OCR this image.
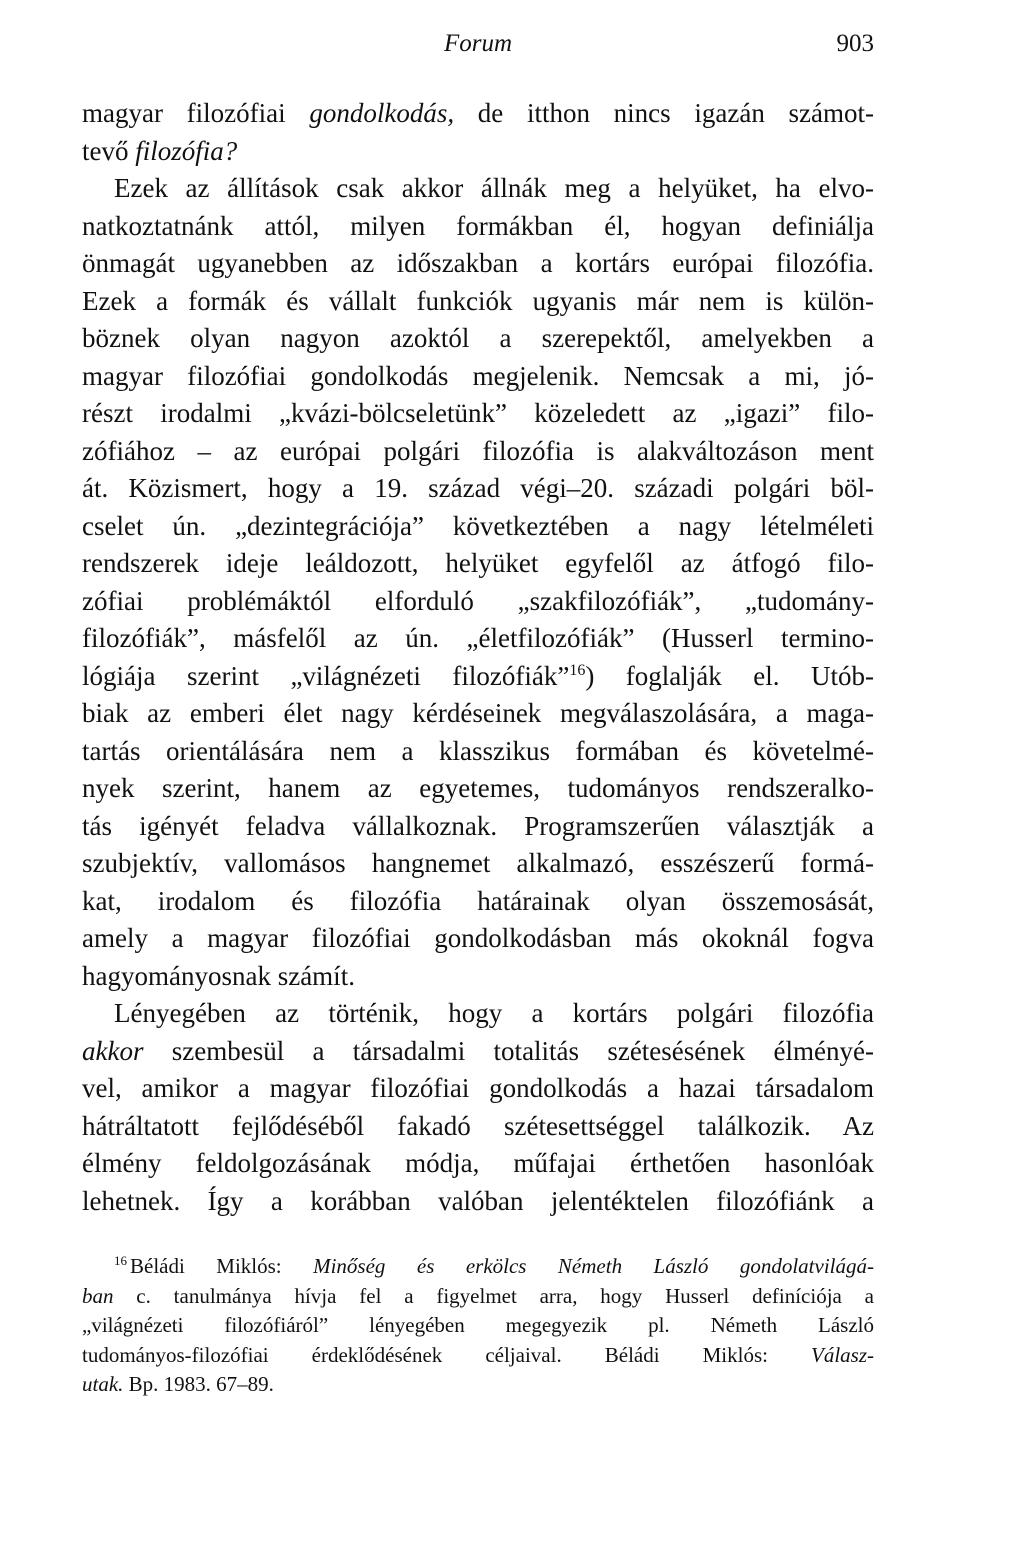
Forum	903
magyar filozófiai gondolkodás, de itthon nincs igazán számot-
tevő filozófia?
Ezek az állítások csak akkor állnák meg a helyüket, ha elvo-
natkoztatnánk attól, milyen formákban él, hogyan definiálja
önmagát ugyanebben az időszakban a kortárs európai filozófia.
Ezek a formák és vállalt funkciók ugyanis már nem is külön-
böznek olyan nagyon azoktól a szerepektől, amelyekben a
magyar filozófiai gondolkodás megjelenik. Nemcsak a mi, jó-
részt irodalmi „kvázi-bölcseletünk” közeledett az „igazi” filo-
zófiához – az európai polgári filozófia is alakváltozáson ment
át. Közismert, hogy a 19. század végi–20. századi polgári böl-
cselet ún. „dezintegrációja” következtében a nagy lételméleti
rendszerek ideje leáldozott, helyüket egyfelől az átfogó filo-
zófiai problémáktól elforduló „szakfilozófiák”, „tudomány-
filozófiák”, másfelől az ún. „életfilozófiák” (Husserl termino-
lógiája szerint „világnézeti filozófiák”$^{16}$) foglalják el. Utób-
biak az emberi élet nagy kérdéseinek megválaszolására, a maga-
tartás orientálására nem a klasszikus formában és követelmé-
nyek szerint, hanem az egyetemes, tudományos rendszeralko-
tás igényét feladva vállalkoznak. Programszerűen választják a
szubjektív, vallomásos hangnemet alkalmazó, esszészerű formá-
kat, irodalom és filozófia határainak olyan összemosását,
amely a magyar filozófiai gondolkodásban más okoknál fogva
hagyományosnak számít.
Lényegében az történik, hogy a kortárs polgári filozófia
akkor szembesül a társadalmi totalitás szétesésének élményé-
vel, amikor a magyar filozófiai gondolkodás a hazai társadalom
hátráltatott fejlődéséből fakadó szétesettséggel találkozik. Az
élmény feldolgozásának módja, műfajai érthetően hasonlóak
lehetnek. Így a korábban valóban jelentéktelen filozófiánk a
$^{16}$ Béládi Miklós: Minőség és erkölcs Németh László gondolatvilágá-
ban c. tanulmánya hívja fel a figyelmet arra, hogy Husserl definíciója a
„világnézeti filozófiáról” lényegében megegyezik pl. Németh László
tudományos-filozófiai érdeklődésének céljaival. Béládi Miklós: Válasz-
utak. Bp. 1983. 67–89.
